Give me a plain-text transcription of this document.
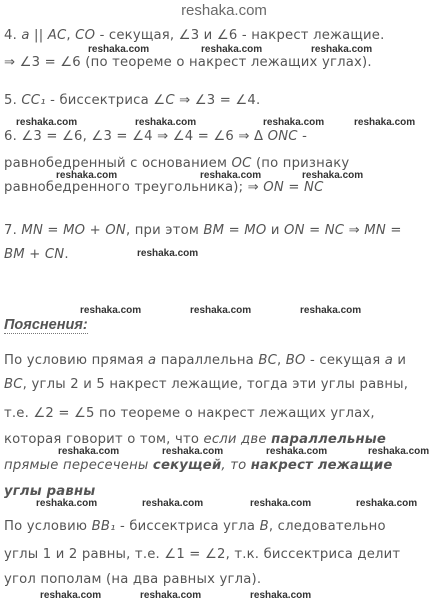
reshaka.com
4. a || AC, CO - секущая, ∠3 и ∠6 - накрест лежащие.
⇒ ∠3 = ∠6 (по теореме о накрест лежащих углах).
5. CC₁ - биссектриса ∠C ⇒ ∠3 = ∠4.
6. ∠3 = ∠6, ∠3 = ∠4 ⇒ ∠4 = ∠6 ⇒ Δ ONC -
равнобедренный с основанием OC (по признаку
равнобедренного треугольника); ⇒ ON = NC
7. MN = MO + ON, при этом BM = MO и ON = NC ⇒ MN =
BM + CN.
По условию прямая a параллельна BC, BO - секущая a и
BC, углы 2 и 5 накрест лежащие, тогда эти углы равны,
т.е. ∠2 = ∠5 по теореме о накрест лежащих углах,
которая говорит о том, что если две параллельные
прямые пересечены секущей, то накрест лежащие
углы равны
По условию BB₁ - биссектриса угла B, следовательно
углы 1 и 2 равны, т.е. ∠1 = ∠2, т.к. биссектриса делит
угол пополам (на два равных угла).
Пояснения:
reshaka.com	reshaka.com	reshaka.com
reshaka.com	reshaka.com	reshaka.com	reshaka.com
reshaka.com	reshaka.com	reshaka.com
reshaka.com
reshaka.com	reshaka.com	reshaka.com
reshaka.com	reshaka.com	reshaka.com	reshaka.com
reshaka.com	reshaka.com	reshaka.com	reshaka.com
reshaka.com	reshaka.com	reshaka.com
